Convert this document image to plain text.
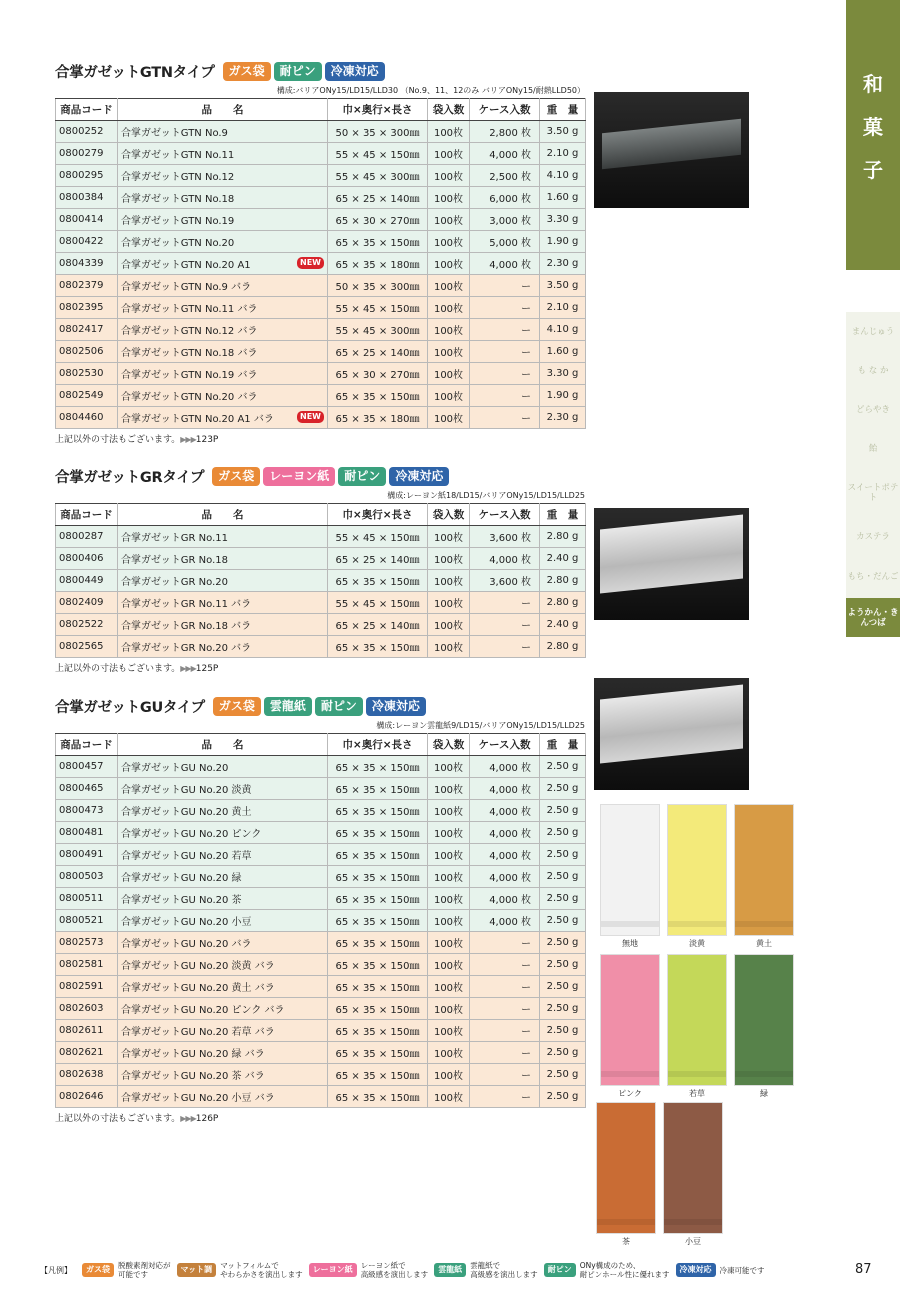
和
菓
子
まんじゅう
も な か
どらやき
飴
スイートポテト
カステラ
もち・だんご
ようかん・きんつば
合掌ガゼットGTNタイプ	ガス袋	耐ピン	冷凍対応
構成:バリアONy15/LD15/LLD30 （No.9、11、12のみ バリアONy15/耐熱LLD50）
商品コード	品　　名	巾×奥行×長さ	袋入数	ケース入数	重　量
0800252	合掌ガゼットGTN No.9	50 × 35 × 300㎜	100枚	2,800 枚	3.50 g
0800279	合掌ガゼットGTN No.11	55 × 45 × 150㎜	100枚	4,000 枚	2.10 g
0800295	合掌ガゼットGTN No.12	55 × 45 × 300㎜	100枚	2,500 枚	4.10 g
0800384	合掌ガゼットGTN No.18	65 × 25 × 140㎜	100枚	6,000 枚	1.60 g
0800414	合掌ガゼットGTN No.19	65 × 30 × 270㎜	100枚	3,000 枚	3.30 g
0800422	合掌ガゼットGTN No.20	65 × 35 × 150㎜	100枚	5,000 枚	1.90 g
0804339	合掌ガゼットGTN No.20 A1 NEW	65 × 35 × 180㎜	100枚	4,000 枚	2.30 g
0802379	合掌ガゼットGTN No.9 バラ	50 × 35 × 300㎜	100枚	ー	3.50 g
0802395	合掌ガゼットGTN No.11 バラ	55 × 45 × 150㎜	100枚	ー	2.10 g
0802417	合掌ガゼットGTN No.12 バラ	55 × 45 × 300㎜	100枚	ー	4.10 g
0802506	合掌ガゼットGTN No.18 バラ	65 × 25 × 140㎜	100枚	ー	1.60 g
0802530	合掌ガゼットGTN No.19 バラ	65 × 30 × 270㎜	100枚	ー	3.30 g
0802549	合掌ガゼットGTN No.20 バラ	65 × 35 × 150㎜	100枚	ー	1.90 g
0804460	合掌ガゼットGTN No.20 A1 バラ NEW	65 × 35 × 180㎜	100枚	ー	2.30 g
上記以外の寸法もございます。▶▶▶123P
合掌ガゼットGRタイプ	ガス袋	レーヨン紙	耐ピン	冷凍対応
構成:レーヨン紙18/LD15/バリアONy15/LD15/LLD25
商品コード	品　　名	巾×奥行×長さ	袋入数	ケース入数	重　量
0800287	合掌ガゼットGR No.11	55 × 45 × 150㎜	100枚	3,600 枚	2.80 g
0800406	合掌ガゼットGR No.18	65 × 25 × 140㎜	100枚	4,000 枚	2.40 g
0800449	合掌ガゼットGR No.20	65 × 35 × 150㎜	100枚	3,600 枚	2.80 g
0802409	合掌ガゼットGR No.11 バラ	55 × 45 × 150㎜	100枚	ー	2.80 g
0802522	合掌ガゼットGR No.18 バラ	65 × 25 × 140㎜	100枚	ー	2.40 g
0802565	合掌ガゼットGR No.20 バラ	65 × 35 × 150㎜	100枚	ー	2.80 g
上記以外の寸法もございます。▶▶▶125P
合掌ガゼットGUタイプ	ガス袋	雲龍紙	耐ピン	冷凍対応
構成:レーヨン雲龍紙9/LD15/バリアONy15/LD15/LLD25
商品コード	品　　名	巾×奥行×長さ	袋入数	ケース入数	重　量
0800457	合掌ガゼットGU No.20	65 × 35 × 150㎜	100枚	4,000 枚	2.50 g
0800465	合掌ガゼットGU No.20 淡黄	65 × 35 × 150㎜	100枚	4,000 枚	2.50 g
0800473	合掌ガゼットGU No.20 黄土	65 × 35 × 150㎜	100枚	4,000 枚	2.50 g
0800481	合掌ガゼットGU No.20 ピンク	65 × 35 × 150㎜	100枚	4,000 枚	2.50 g
0800491	合掌ガゼットGU No.20 若草	65 × 35 × 150㎜	100枚	4,000 枚	2.50 g
0800503	合掌ガゼットGU No.20 緑	65 × 35 × 150㎜	100枚	4,000 枚	2.50 g
0800511	合掌ガゼットGU No.20 茶	65 × 35 × 150㎜	100枚	4,000 枚	2.50 g
0800521	合掌ガゼットGU No.20 小豆	65 × 35 × 150㎜	100枚	4,000 枚	2.50 g
0802573	合掌ガゼットGU No.20 バラ	65 × 35 × 150㎜	100枚	ー	2.50 g
0802581	合掌ガゼットGU No.20 淡黄 バラ	65 × 35 × 150㎜	100枚	ー	2.50 g
0802591	合掌ガゼットGU No.20 黄土 バラ	65 × 35 × 150㎜	100枚	ー	2.50 g
0802603	合掌ガゼットGU No.20 ピンク バラ	65 × 35 × 150㎜	100枚	ー	2.50 g
0802611	合掌ガゼットGU No.20 若草 バラ	65 × 35 × 150㎜	100枚	ー	2.50 g
0802621	合掌ガゼットGU No.20 緑 バラ	65 × 35 × 150㎜	100枚	ー	2.50 g
0802638	合掌ガゼットGU No.20 茶 バラ	65 × 35 × 150㎜	100枚	ー	2.50 g
0802646	合掌ガゼットGU No.20 小豆 バラ	65 × 35 × 150㎜	100枚	ー	2.50 g
上記以外の寸法もございます。▶▶▶126P
無地	淡黄	黄土
ピンク	若草	緑
茶	小豆
【凡例】	ガス袋	脱酸素剤対応が
可能です
マット調	マットフィルムで
やわらかさを演出します
レーヨン紙	レーヨン紙で
高級感を演出します
雲龍紙	雲龍紙で
高級感を演出します
耐ピン	ONy構成のため、
耐ピンホール性に優れます
冷凍対応	冷凍可能です	87
